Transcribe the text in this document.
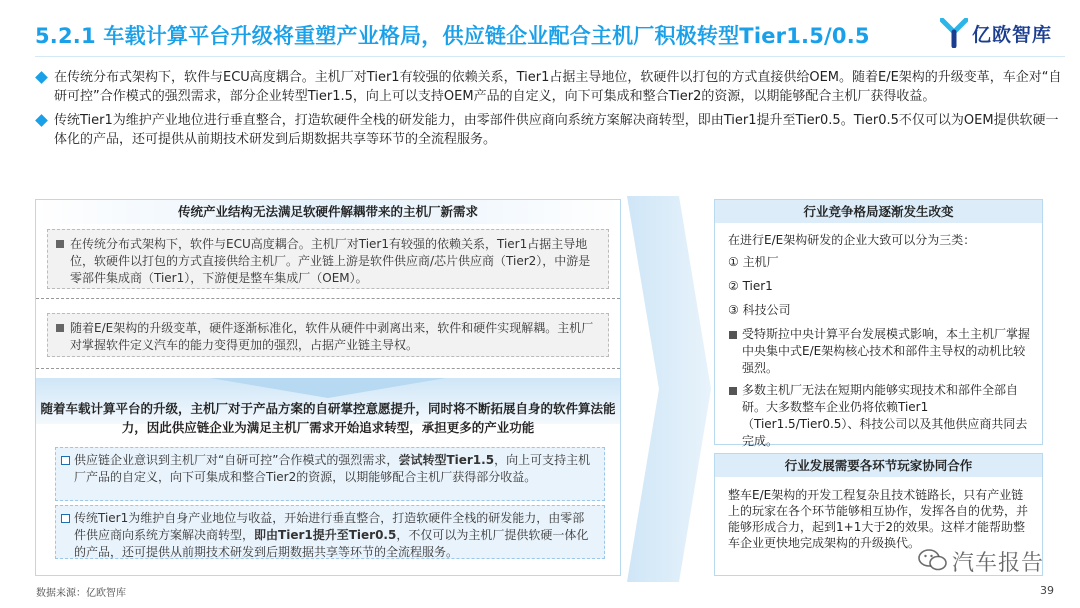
5.2.1 车载计算平台升级将重塑产业格局，供应链企业配合主机厂积极转型Tier1.5/0.5	亿欧智库
在传统分布式架构下，软件与ECU高度耦合。主机厂对Tier1有较强的依赖关系，Tier1占据主导地位，软硬件以打包的方式直接供给OEM。随着E/E架构的升级变革，车企对“自研可控”合作模式的强烈需求，部分企业转型Tier1.5，向上可以支持OEM产品的自定义，向下可集成和整合Tier2的资源，以期能够配合主机厂获得收益。
传统Tier1为维护产业地位进行垂直整合，打造软硬件全栈的研发能力，由零部件供应商向系统方案解决商转型，即由Tier1提升至Tier0.5。Tier0.5不仅可以为OEM提供软硬一体化的产品，还可提供从前期技术研发到后期数据共享等环节的全流程服务。
传统产业结构无法满足软硬件解耦带来的主机厂新需求
在传统分布式架构下，软件与ECU高度耦合。主机厂对Tier1有较强的依赖关系，Tier1占据主导地位，软硬件以打包的方式直接供给主机厂。产业链上游是软件供应商/芯片供应商（Tier2），中游是零部件集成商（Tier1），下游便是整车集成厂（OEM）。
随着E/E架构的升级变革，硬件逐渐标准化，软件从硬件中剥离出来，软件和硬件实现解耦。主机厂对掌握软件定义汽车的能力变得更加的强烈，占据产业链主导权。
随着车载计算平台的升级，主机厂对于产品方案的自研掌控意愿提升，同时将不断拓展自身的软件算法能力，因此供应链企业为满足主机厂需求开始追求转型，承担更多的产业功能
供应链企业意识到主机厂对“自研可控”合作模式的强烈需求，尝试转型Tier1.5，向上可支持主机厂产品的自定义，向下可集成和整合Tier2的资源，以期能够配合主机厂获得部分收益。
传统Tier1为维护自身产业地位与收益，开始进行垂直整合，打造软硬件全栈的研发能力，由零部件供应商向系统方案解决商转型，即由Tier1提升至Tier0.5，不仅可以为主机厂提供软硬一体化的产品，还可提供从前期技术研发到后期数据共享等环节的全流程服务。
行业竞争格局逐渐发生改变
在进行E/E架构研发的企业大致可以分为三类：
① 主机厂
② Tier1
③ 科技公司
受特斯拉中央计算平台发展模式影响，本土主机厂掌握中央集中式E/E架构核心技术和部件主导权的动机比较强烈。
多数主机厂无法在短期内能够实现技术和部件全部自研。大多数整车企业仍将依赖Tier1（Tier1.5/Tier0.5）、科技公司以及其他供应商共同去完成。
行业发展需要各环节玩家协同合作
整车E/E架构的开发工程复杂且技术链路长，只有产业链上的玩家在各个环节能够相互协作，发挥各自的优势，并能够形成合力，起到1+1大于2的效果。这样才能帮助整车企业更快地完成架构的升级换代。
汽车报告
数据来源：亿欧智库	39
